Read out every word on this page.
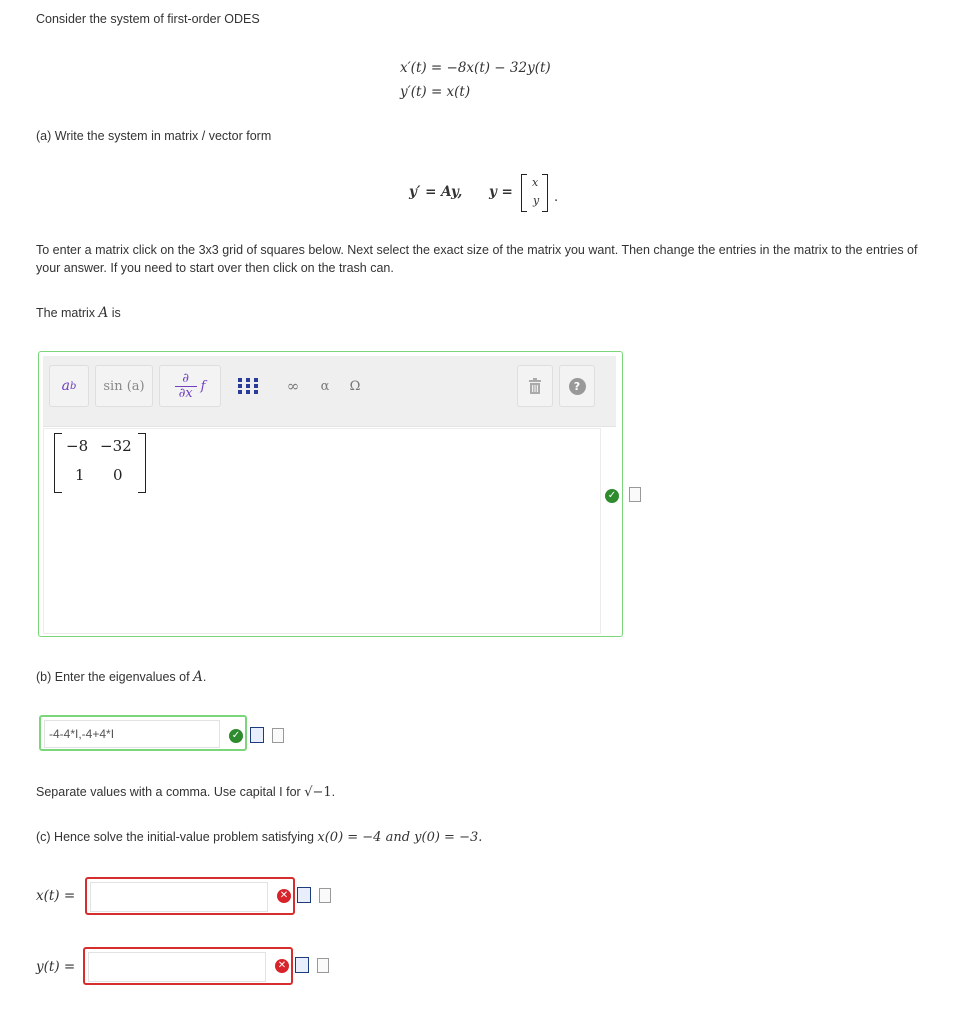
Consider the system of first-order ODES
x′(t) = −8x(t) − 32y(t)
y′(t) = x(t)
(a) Write the system in matrix / vector form
y′ = Ay, y =
x
y .
To enter a matrix click on the 3x3 grid of squares below. Next select the exact size of the matrix you want. Then change the entries in the matrix to the entries of your answer. If you need to start over then click on the trash can.
The matrix A is
a b sin (a)
∂
∂x f	∞	α	Ω	?
−8 −32
1 0
✓
(b) Enter the eigenvalues of A.
-4-4*I,-4+4*I
✓
Separate values with a comma. Use capital I for √−1.
(c) Hence solve the initial-value problem satisfying x(0) = −4 and y(0) = −3.
x(t) =	✕
y(t) =	✕
